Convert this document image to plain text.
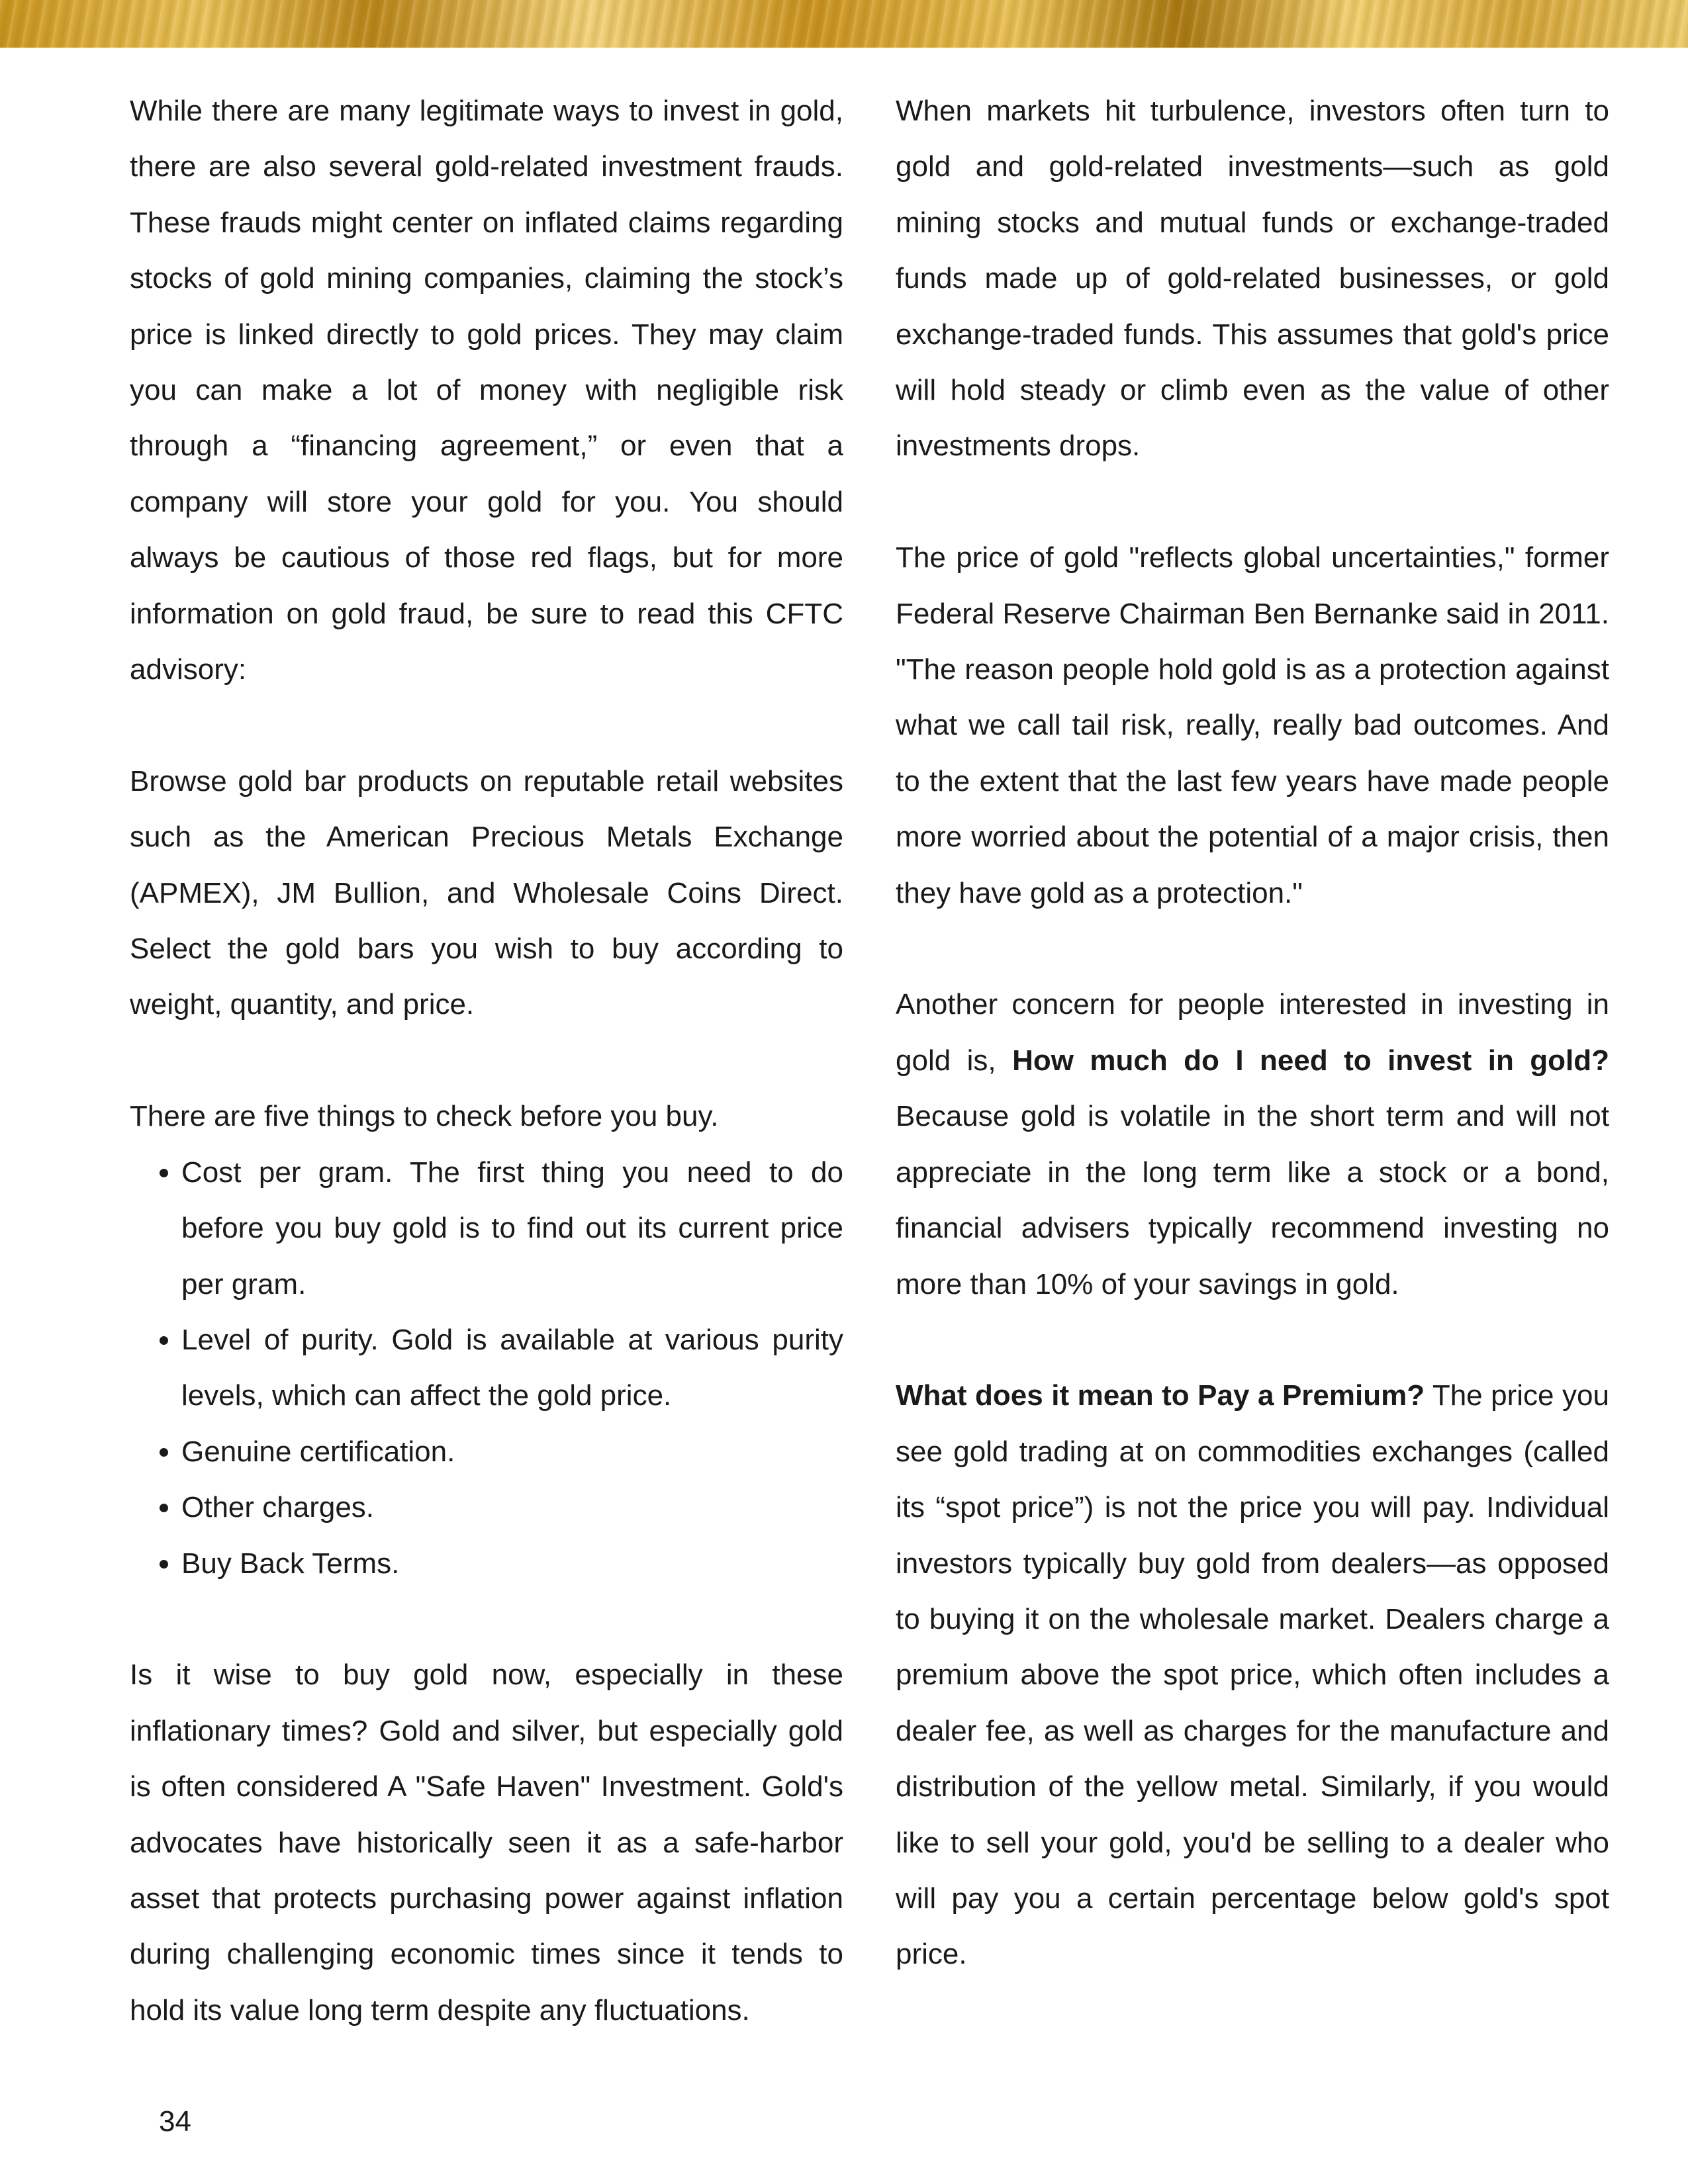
While there are many legitimate ways to invest in gold, there are also several gold-related investment frauds. These frauds might center on inflated claims regarding stocks of gold mining companies, claiming the stock’s price is linked directly to gold prices. They may claim you can make a lot of money with negligible risk through a “financing agreement,” or even that a company will store your gold for you. You should always be cautious of those red flags, but for more information on gold fraud, be sure to read this CFTC advisory:

Browse gold bar products on reputable retail websites such as the American Precious Metals Exchange (APMEX), JM Bullion, and Wholesale Coins Direct. Select the gold bars you wish to buy according to weight, quantity, and price.

There are five things to check before you buy.

• Cost per gram. The first thing you need to do before you buy gold is to find out its current price per gram.
• Level of purity. Gold is available at various purity levels, which can affect the gold price.
• Genuine certification.
• Other charges.
• Buy Back Terms.

Is it wise to buy gold now, especially in these inflationary times? Gold and silver, but especially gold is often considered A "Safe Haven" Investment. Gold's advocates have historically seen it as a safe-harbor asset that protects purchasing power against inflation during challenging economic times since it tends to hold its value long term despite any fluctuations.

When markets hit turbulence, investors often turn to gold and gold-related investments—such as gold mining stocks and mutual funds or exchange-traded funds made up of gold-related businesses, or gold exchange-traded funds. This assumes that gold's price will hold steady or climb even as the value of other investments drops.

The price of gold "reflects global uncertainties," former Federal Reserve Chairman Ben Bernanke said in 2011. "The reason people hold gold is as a protection against what we call tail risk, really, really bad outcomes. And to the extent that the last few years have made people more worried about the potential of a major crisis, then they have gold as a protection."

Another concern for people interested in investing in gold is, How much do I need to invest in gold? Because gold is volatile in the short term and will not appreciate in the long term like a stock or a bond, financial advisers typically recommend investing no more than 10% of your savings in gold.

What does it mean to Pay a Premium? The price you see gold trading at on commodities exchanges (called its “spot price”) is not the price you will pay. Individual investors typically buy gold from dealers—as opposed to buying it on the wholesale market. Dealers charge a premium above the spot price, which often includes a dealer fee, as well as charges for the manufacture and distribution of the yellow metal. Similarly, if you would like to sell your gold, you'd be selling to a dealer who will pay you a certain percentage below gold's spot price.

34
